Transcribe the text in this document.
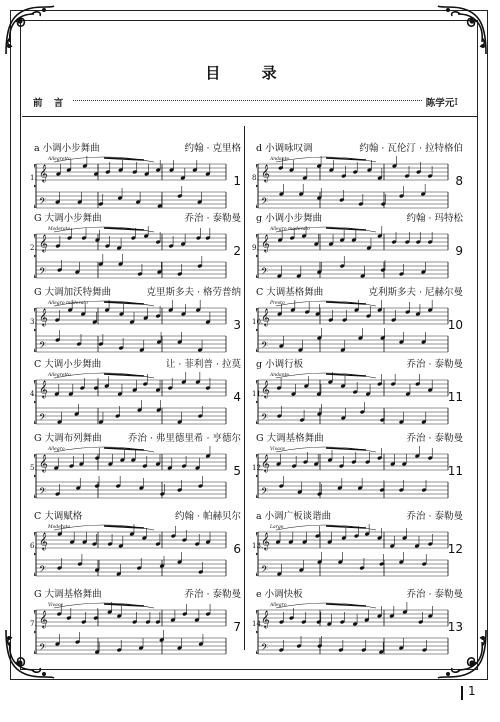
目 录
前 言	陈学元 Ⅰ
a 小调小步舞曲	约翰 · 克里格
𝄞
𝄢
Allegretto
1.	1
G 大调小步舞曲	乔治 · 泰勒曼
𝄞
𝄢
Moderato
2.	2
G 大调加沃特舞曲	克里斯多夫 · 格劳普纳
𝄞
𝄢
Allegro moderato
3.	3
C 大调小步舞曲	让 · 菲利普 · 拉莫
𝄞
𝄢
Allegretto
4.	4
G 大调布列舞曲	乔治 · 弗里德里希 · 亨德尔
𝄞
𝄢
Allegro
5.	5
C 大调赋格	约翰 · 帕赫贝尔
𝄞
𝄢
Moderato
6.	6
G 大调基格舞曲	乔治 · 泰勒曼
𝄞
𝄢
Vivace
7.	7
d 小调咏叹调	约翰 · 瓦伦汀 · 拉特格伯
𝄞
𝄢
Andante
8.	8
g 小调小步舞曲	约翰 · 玛特松
𝄞
𝄢
Allegro moderato
9.	9
C 大调基格舞曲	克利斯多夫 · 尼赫尔曼
𝄞
𝄢
Presto
10.	10
g 小调行板	乔治 · 泰勒曼
𝄞
𝄢
Andante
11.	11
G 大调基格舞曲	乔治 · 泰勒曼
𝄞
𝄢
Vivace
12.	11
a 小调广板谈谐曲	乔治 · 泰勒曼
𝄞
𝄢
Largo
13.	12
e 小调快板	乔治 · 泰勒曼
𝄞
𝄢
Allegro
14.	13
1
